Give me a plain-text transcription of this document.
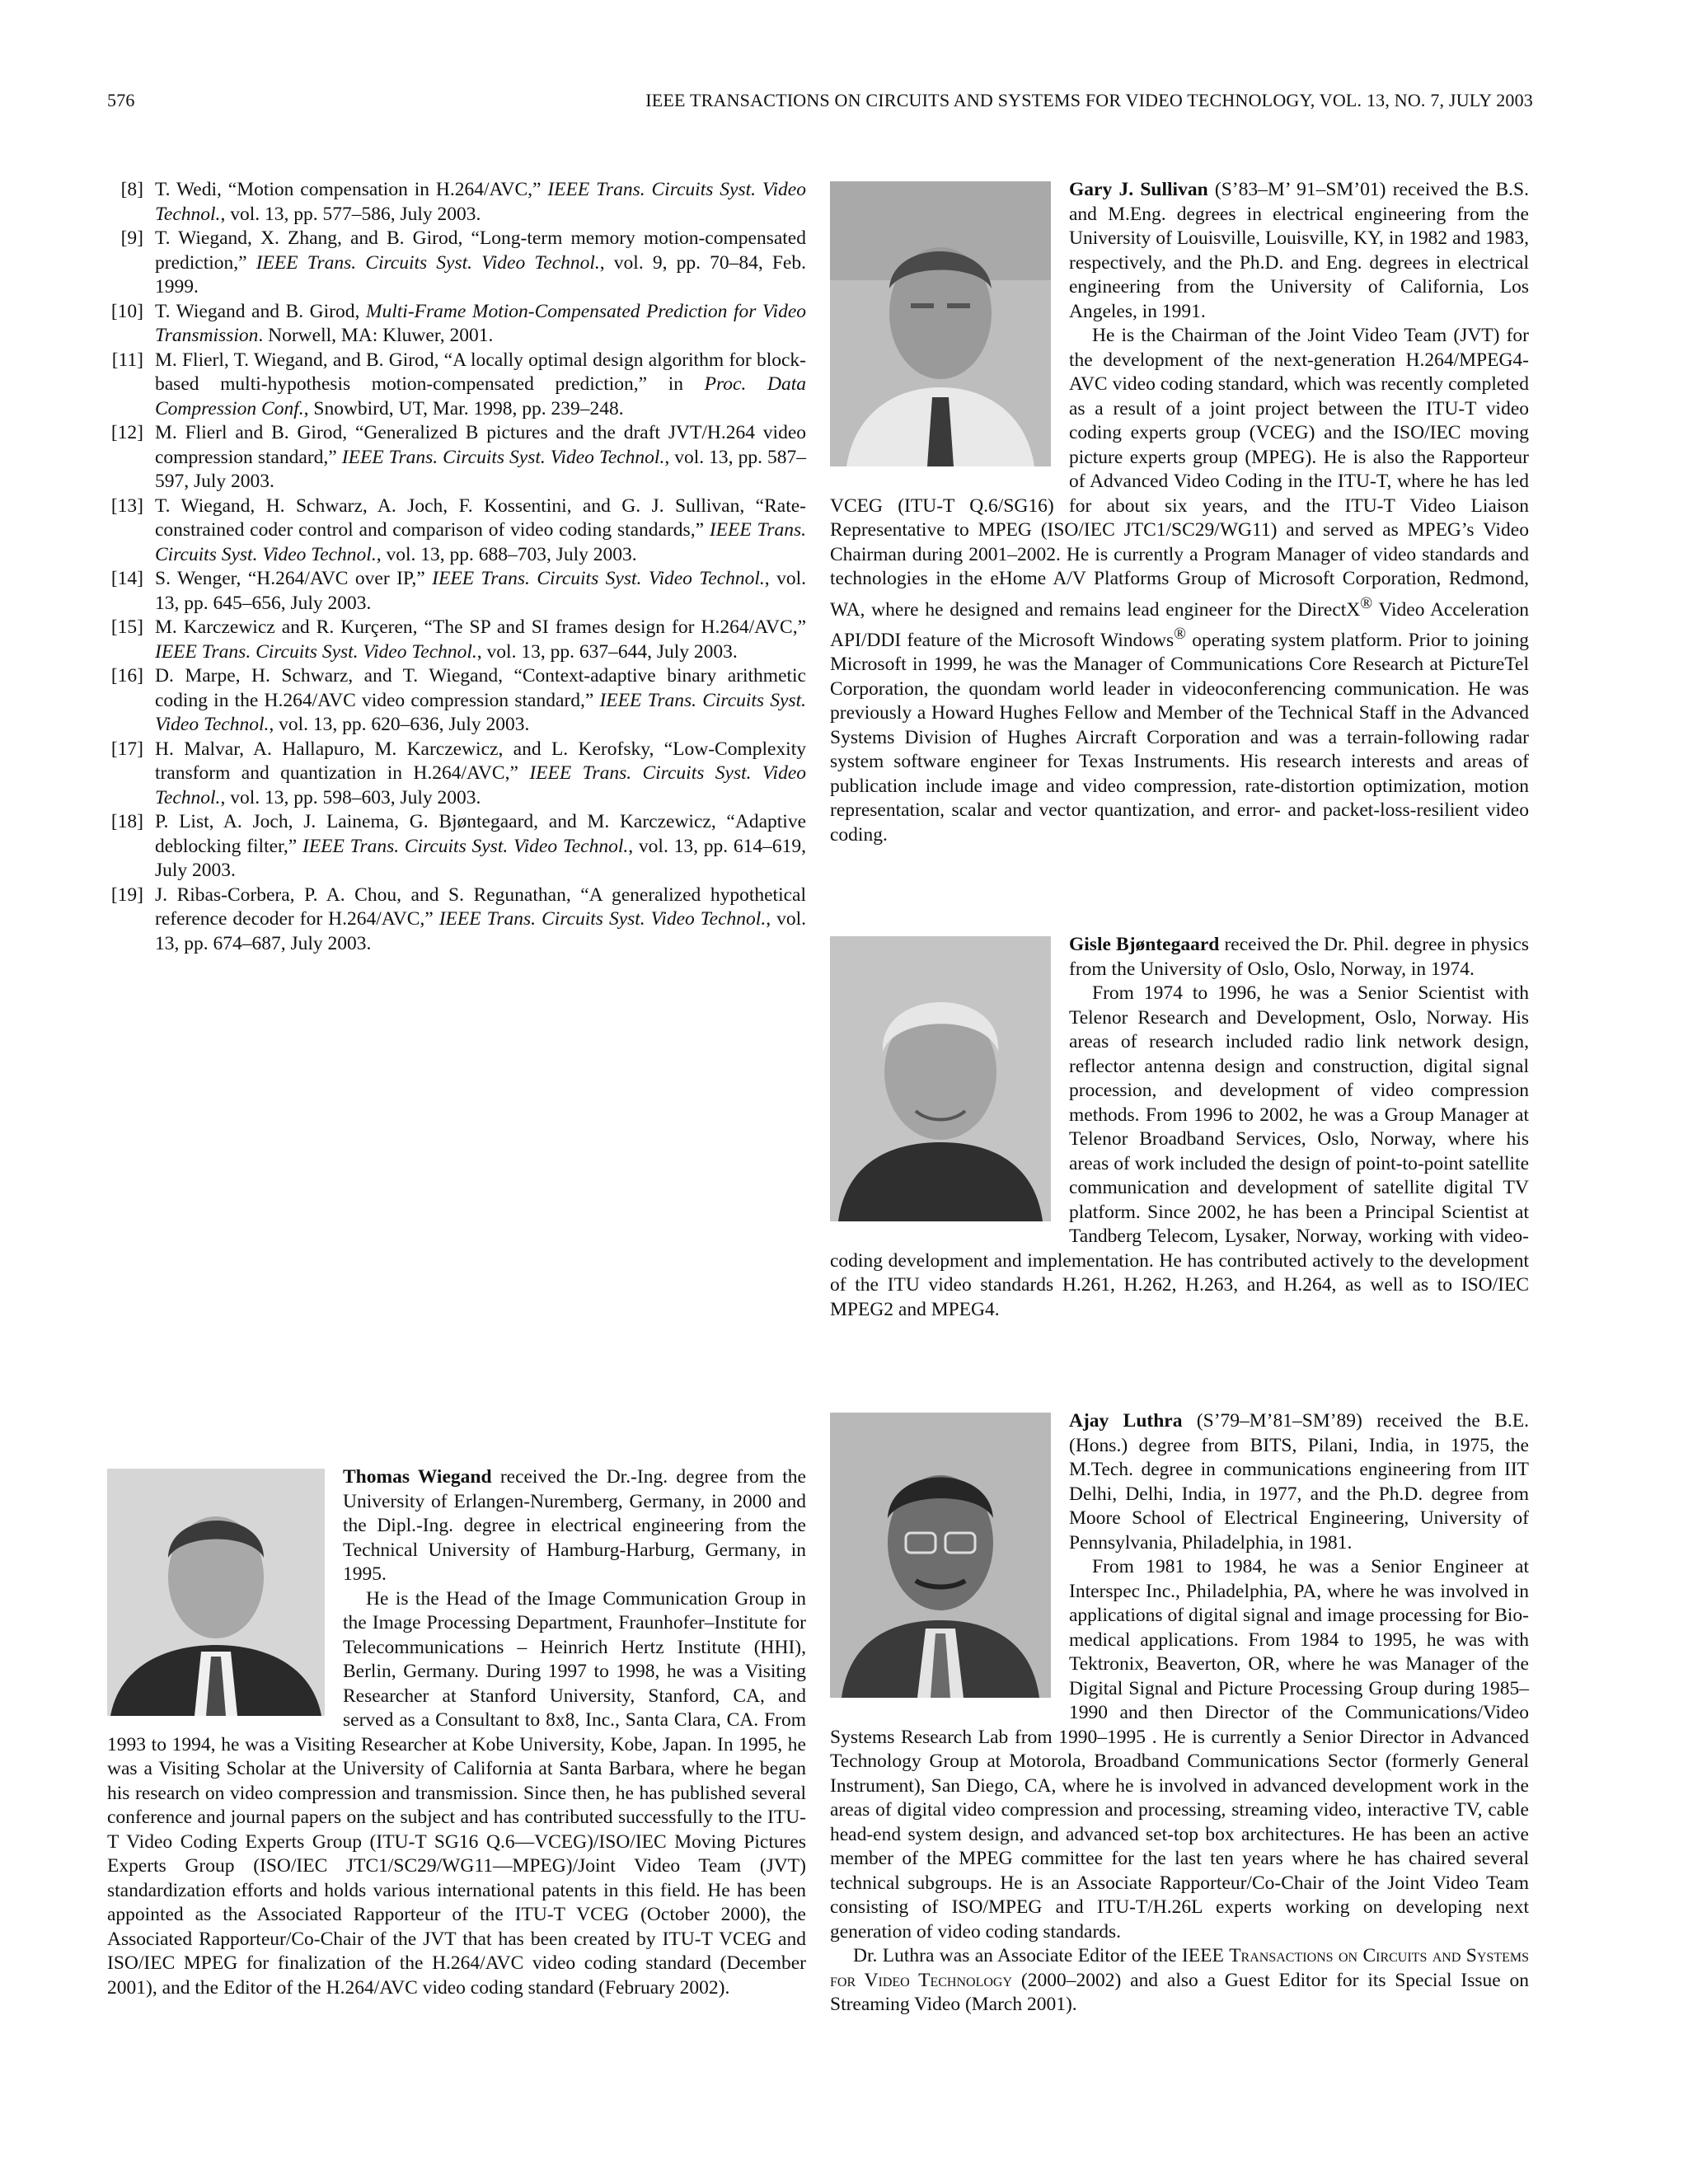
576	IEEE TRANSACTIONS ON CIRCUITS AND SYSTEMS FOR VIDEO TECHNOLOGY, VOL. 13, NO. 7, JULY 2003
[8] T. Wedi, “Motion compensation in H.264/AVC,” IEEE Trans. Circuits Syst. Video Technol., vol. 13, pp. 577–586, July 2003.
[9] T. Wiegand, X. Zhang, and B. Girod, “Long-term memory motion-compensated prediction,” IEEE Trans. Circuits Syst. Video Technol., vol. 9, pp. 70–84, Feb. 1999.
[10] T. Wiegand and B. Girod, Multi-Frame Motion-Compensated Prediction for Video Transmission. Norwell, MA: Kluwer, 2001.
[11] M. Flierl, T. Wiegand, and B. Girod, “A locally optimal design algorithm for block-based multi-hypothesis motion-compensated prediction,” in Proc. Data Compression Conf., Snowbird, UT, Mar. 1998, pp. 239–248.
[12] M. Flierl and B. Girod, “Generalized B pictures and the draft JVT/H.264 video compression standard,” IEEE Trans. Circuits Syst. Video Technol., vol. 13, pp. 587–597, July 2003.
[13] T. Wiegand, H. Schwarz, A. Joch, F. Kossentini, and G. J. Sullivan, “Rate-constrained coder control and comparison of video coding standards,” IEEE Trans. Circuits Syst. Video Technol., vol. 13, pp. 688–703, July 2003.
[14] S. Wenger, “H.264/AVC over IP,” IEEE Trans. Circuits Syst. Video Technol., vol. 13, pp. 645–656, July 2003.
[15] M. Karczewicz and R. Kurçeren, “The SP and SI frames design for H.264/AVC,” IEEE Trans. Circuits Syst. Video Technol., vol. 13, pp. 637–644, July 2003.
[16] D. Marpe, H. Schwarz, and T. Wiegand, “Context-adaptive binary arithmetic coding in the H.264/AVC video compression standard,” IEEE Trans. Circuits Syst. Video Technol., vol. 13, pp. 620–636, July 2003.
[17] H. Malvar, A. Hallapuro, M. Karczewicz, and L. Kerofsky, “Low-Complexity transform and quantization in H.264/AVC,” IEEE Trans. Circuits Syst. Video Technol., vol. 13, pp. 598–603, July 2003.
[18] P. List, A. Joch, J. Lainema, G. Bjøntegaard, and M. Karczewicz, “Adaptive deblocking filter,” IEEE Trans. Circuits Syst. Video Technol., vol. 13, pp. 614–619, July 2003.
[19] J. Ribas-Corbera, P. A. Chou, and S. Regunathan, “A generalized hypothetical reference decoder for H.264/AVC,” IEEE Trans. Circuits Syst. Video Technol., vol. 13, pp. 674–687, July 2003.

Gary J. Sullivan (S’83–M’ 91–SM’01) received the B.S. and M.Eng. degrees in electrical engineering from the University of Louisville, Louisville, KY, in 1982 and 1983, respectively, and the Ph.D. and Eng. degrees in electrical engineering from the University of California, Los Angeles, in 1991.

He is the Chairman of the Joint Video Team (JVT) for the development of the next-generation H.264/MPEG4-AVC video coding standard, which was recently completed as a result of a joint project between the ITU-T video coding experts group (VCEG) and the ISO/IEC moving picture experts group (MPEG). He is also the Rapporteur of Advanced Video Coding in the ITU-T, where he has led VCEG (ITU-T Q.6/SG16) for about six years, and the ITU-T Video Liaison Representative to MPEG (ISO/IEC JTC1/SC29/WG11) and served as MPEG’s Video Chairman during 2001–2002. He is currently a Program Manager of video standards and technologies in the eHome A/V Platforms Group of Microsoft Corporation, Redmond, WA, where he designed and remains lead engineer for the DirectX® Video Acceleration API/DDI feature of the Microsoft Windows® operating system platform. Prior to joining Microsoft in 1999, he was the Manager of Communications Core Research at PictureTel Corporation, the quondam world leader in videoconferencing communication. He was previously a Howard Hughes Fellow and Member of the Technical Staff in the Advanced Systems Division of Hughes Aircraft Corporation and was a terrain-following radar system software engineer for Texas Instruments. His research interests and areas of publication include image and video compression, rate-distortion optimization, motion representation, scalar and vector quantization, and error- and packet-loss-resilient video coding.

Gisle Bjøntegaard received the Dr. Phil. degree in physics from the University of Oslo, Oslo, Norway, in 1974.

From 1974 to 1996, he was a Senior Scientist with Telenor Research and Development, Oslo, Norway. His areas of research included radio link network design, reflector antenna design and construction, digital signal procession, and development of video compression methods. From 1996 to 2002, he was a Group Manager at Telenor Broadband Services, Oslo, Norway, where his areas of work included the design of point-to-point satellite communication and development of satellite digital TV platform. Since 2002, he has been a Principal Scientist at Tandberg Telecom, Lysaker, Norway, working with video-coding development and implementation. He has contributed actively to the development of the ITU video standards H.261, H.262, H.263, and H.264, as well as to ISO/IEC MPEG2 and MPEG4.

Ajay Luthra (S’79–M’81–SM’89) received the B.E. (Hons.) degree from BITS, Pilani, India, in 1975, the M.Tech. degree in communications engineering from IIT Delhi, Delhi, India, in 1977, and the Ph.D. degree from Moore School of Electrical Engineering, University of Pennsylvania, Philadelphia, in 1981.

From 1981 to 1984, he was a Senior Engineer at Interspec Inc., Philadelphia, PA, where he was involved in applications of digital signal and image processing for Bio-medical applications. From 1984 to 1995, he was with Tektronix, Beaverton, OR, where he was Manager of the Digital Signal and Picture Processing Group during 1985–1990 and then Director of the Communications/Video Systems Research Lab from 1990–1995 . He is currently a Senior Director in Advanced Technology Group at Motorola, Broadband Communications Sector (formerly General Instrument), San Diego, CA, where he is involved in advanced development work in the areas of digital video compression and processing, streaming video, interactive TV, cable head-end system design, and advanced set-top box architectures. He has been an active member of the MPEG committee for the last ten years where he has chaired several technical subgroups. He is an Associate Rapporteur/Co-Chair of the Joint Video Team consisting of ISO/MPEG and ITU-T/H.26L experts working on developing next generation of video coding standards.

Dr. Luthra was an Associate Editor of the IEEE Transactions on Circuits and Systems for Video Technology (2000–2002) and also a Guest Editor for its Special Issue on Streaming Video (March 2001).

Thomas Wiegand received the Dr.-Ing. degree from the University of Erlangen-Nuremberg, Germany, in 2000 and the Dipl.-Ing. degree in electrical engineering from the Technical University of Hamburg-Harburg, Germany, in 1995.

He is the Head of the Image Communication Group in the Image Processing Department, Fraunhofer–Institute for Telecommunications – Heinrich Hertz Institute (HHI), Berlin, Germany. During 1997 to 1998, he was a Visiting Researcher at Stanford University, Stanford, CA, and served as a Consultant to 8x8, Inc., Santa Clara, CA. From 1993 to 1994, he was a Visiting Researcher at Kobe University, Kobe, Japan. In 1995, he was a Visiting Scholar at the University of California at Santa Barbara, where he began his research on video compression and transmission. Since then, he has published several conference and journal papers on the subject and has contributed successfully to the ITU-T Video Coding Experts Group (ITU-T SG16 Q.6—VCEG)/ISO/IEC Moving Pictures Experts Group (ISO/IEC JTC1/SC29/WG11—MPEG)/Joint Video Team (JVT) standardization efforts and holds various international patents in this field. He has been appointed as the Associated Rapporteur of the ITU-T VCEG (October 2000), the Associated Rapporteur/Co-Chair of the JVT that has been created by ITU-T VCEG and ISO/IEC MPEG for finalization of the H.264/AVC video coding standard (December 2001), and the Editor of the H.264/AVC video coding standard (February 2002).
